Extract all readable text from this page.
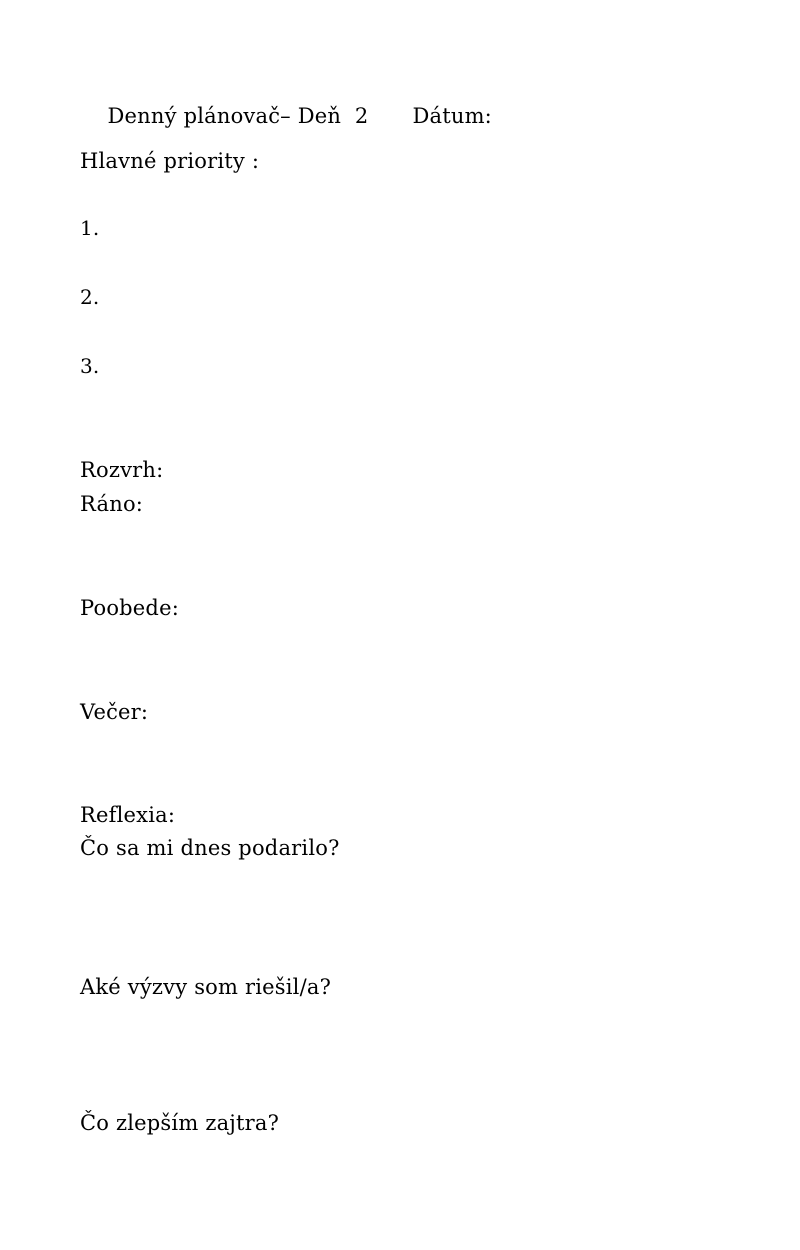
Denný plánovač– Deň  2 Dátum:

Hlavné priority :
1.
2.
3.
Rozvrh:
Ráno:
Poobede:
Večer:
Reflexia:
Čo sa mi dnes podarilo?
Aké výzvy som riešil/a?
Čo zlepším zajtra?
